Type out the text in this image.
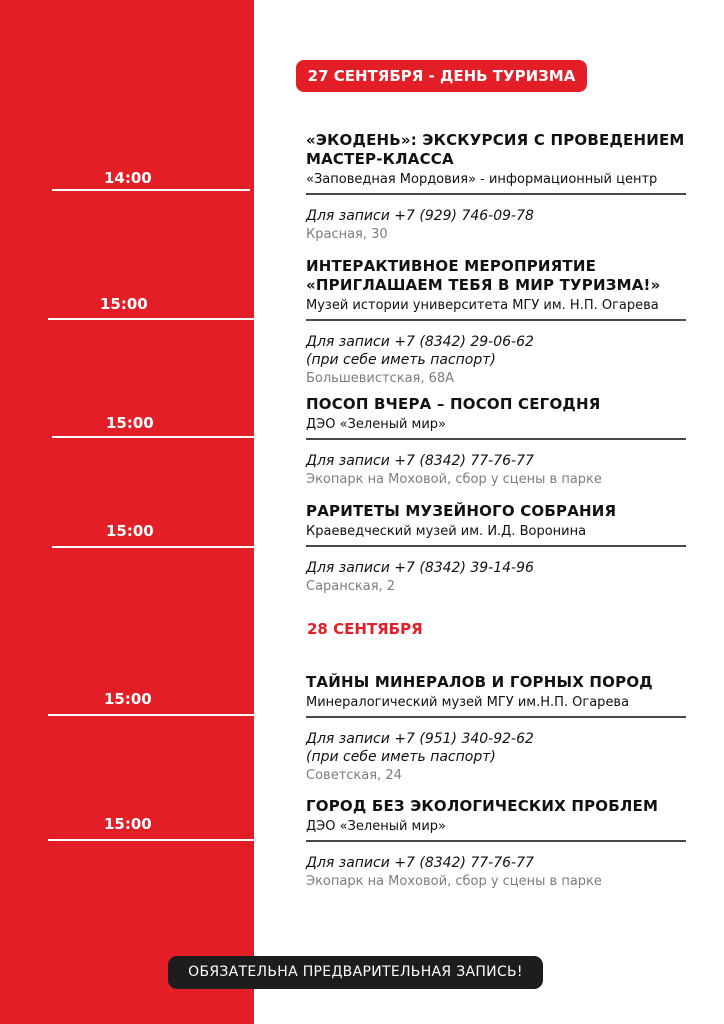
14:00
15:00
15:00
15:00
15:00
15:00
27 СЕНТЯБРЯ - ДЕНЬ ТУРИЗМА
«ЭКОДЕНЬ»: ЭКСКУРСИЯ С ПРОВЕДЕНИЕМ МАСТЕР-КЛАССА
«Заповедная Мордовия» - информационный центр
Для записи +7 (929) 746-09-78
Красная, 30
ИНТЕРАКТИВНОЕ МЕРОПРИЯТИЕ «ПРИГЛАШАЕМ ТЕБЯ В МИР ТУРИЗМА!»
Музей истории университета МГУ им. Н.П. Огарева
Для записи +7 (8342) 29-06-62
(при себе иметь паспорт)
Большевистская, 68А
ПОСОП ВЧЕРА – ПОСОП СЕГОДНЯ
ДЭО «Зеленый мир»
Для записи +7 (8342) 77-76-77
Экопарк на Моховой, сбор у сцены в парке
РАРИТЕТЫ МУЗЕЙНОГО СОБРАНИЯ
Краеведческий музей им. И.Д. Воронина
Для записи +7 (8342) 39-14-96
Саранская, 2
28 СЕНТЯБРЯ
ТАЙНЫ МИНЕРАЛОВ И ГОРНЫХ ПОРОД
Минералогический музей МГУ им.Н.П. Огарева
Для записи +7 (951) 340-92-62
(при себе иметь паспорт)
Советская, 24
ГОРОД БЕЗ ЭКОЛОГИЧЕСКИХ ПРОБЛЕМ
ДЭО «Зеленый мир»
Для записи +7 (8342) 77-76-77
Экопарк на Моховой, сбор у сцены в парке
ОБЯЗАТЕЛЬНА ПРЕДВАРИТЕЛЬНАЯ ЗАПИСЬ!
